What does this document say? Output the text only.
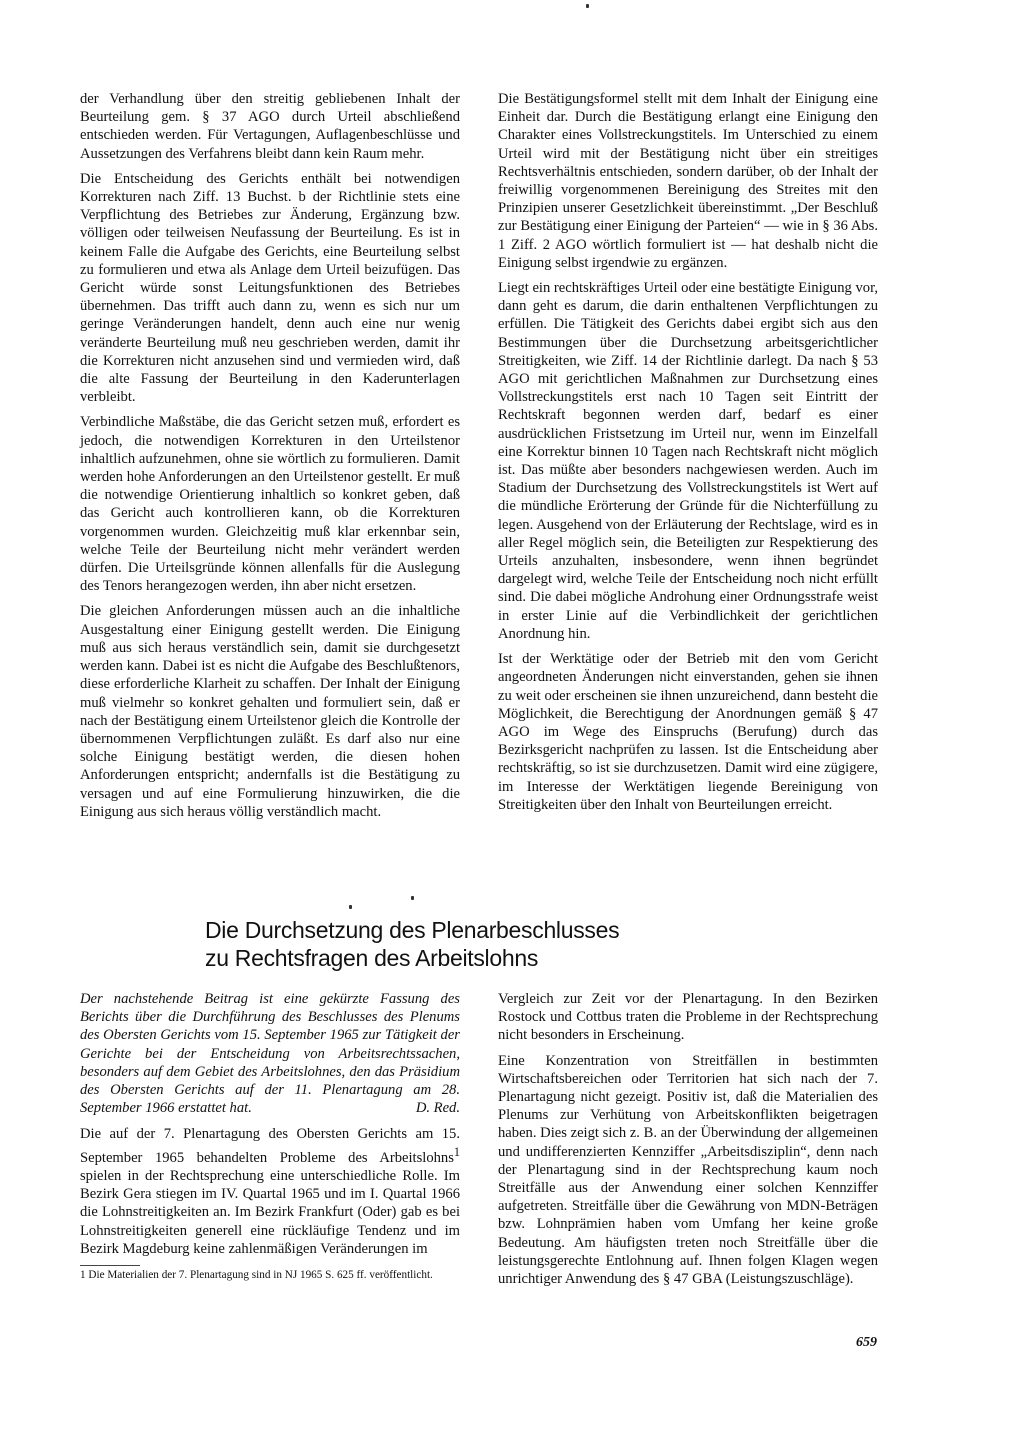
der Verhandlung über den streitig gebliebenen Inhalt der Beurteilung gem. § 37 AGO durch Urteil abschließend entschieden werden. Für Vertagungen, Auflagenbeschlüsse und Aussetzungen des Verfahrens bleibt dann kein Raum mehr.

Die Entscheidung des Gerichts enthält bei notwendigen Korrekturen nach Ziff. 13 Buchst. b der Richtlinie stets eine Verpflichtung des Betriebes zur Änderung, Ergänzung bzw. völligen oder teilweisen Neufassung der Beurteilung. Es ist in keinem Falle die Aufgabe des Gerichts, eine Beurteilung selbst zu formulieren und etwa als Anlage dem Urteil beizufügen. Das Gericht würde sonst Leitungsfunktionen des Betriebes übernehmen. Das trifft auch dann zu, wenn es sich nur um geringe Veränderungen handelt, denn auch eine nur wenig veränderte Beurteilung muß neu geschrieben werden, damit ihr die Korrekturen nicht anzusehen sind und vermieden wird, daß die alte Fassung der Beurteilung in den Kaderunterlagen verbleibt.

Verbindliche Maßstäbe, die das Gericht setzen muß, erfordert es jedoch, die notwendigen Korrekturen in den Urteilstenor inhaltlich aufzunehmen, ohne sie wörtlich zu formulieren. Damit werden hohe Anforderungen an den Urteilstenor gestellt. Er muß die notwendige Orientierung inhaltlich so konkret geben, daß das Gericht auch kontrollieren kann, ob die Korrekturen vorgenommen wurden. Gleichzeitig muß klar erkennbar sein, welche Teile der Beurteilung nicht mehr verändert werden dürfen. Die Urteilsgründe können allenfalls für die Auslegung des Tenors herangezogen werden, ihn aber nicht ersetzen.

Die gleichen Anforderungen müssen auch an die inhaltliche Ausgestaltung einer Einigung gestellt werden. Die Einigung muß aus sich heraus verständlich sein, damit sie durchgesetzt werden kann. Dabei ist es nicht die Aufgabe des Beschlußtenors, diese erforderliche Klarheit zu schaffen. Der Inhalt der Einigung muß vielmehr so konkret gehalten und formuliert sein, daß er nach der Bestätigung einem Urteilstenor gleich die Kontrolle der übernommenen Verpflichtungen zuläßt. Es darf also nur eine solche Einigung bestätigt werden, die diesen hohen Anforderungen entspricht; andernfalls ist die Bestätigung zu versagen und auf eine Formulierung hinzuwirken, die die Einigung aus sich heraus völlig verständlich macht.

Die Bestätigungsformel stellt mit dem Inhalt der Einigung eine Einheit dar. Durch die Bestätigung erlangt eine Einigung den Charakter eines Vollstreckungstitels. Im Unterschied zu einem Urteil wird mit der Bestätigung nicht über ein streitiges Rechtsverhältnis entschieden, sondern darüber, ob der Inhalt der freiwillig vorgenommenen Bereinigung des Streites mit den Prinzipien unserer Gesetzlichkeit übereinstimmt. „Der Beschluß zur Bestätigung einer Einigung der Parteien“ — wie in § 36 Abs. 1 Ziff. 2 AGO wörtlich formuliert ist — hat deshalb nicht die Einigung selbst irgendwie zu ergänzen.

Liegt ein rechtskräftiges Urteil oder eine bestätigte Einigung vor, dann geht es darum, die darin enthaltenen Verpflichtungen zu erfüllen. Die Tätigkeit des Gerichts dabei ergibt sich aus den Bestimmungen über die Durchsetzung arbeitsgerichtlicher Streitigkeiten, wie Ziff. 14 der Richtlinie darlegt. Da nach § 53 AGO mit gerichtlichen Maßnahmen zur Durchsetzung eines Vollstreckungstitels erst nach 10 Tagen seit Eintritt der Rechtskraft begonnen werden darf, bedarf es einer ausdrücklichen Fristsetzung im Urteil nur, wenn im Einzelfall eine Korrektur binnen 10 Tagen nach Rechtskraft nicht möglich ist. Das müßte aber besonders nachgewiesen werden. Auch im Stadium der Durchsetzung des Vollstreckungstitels ist Wert auf die mündliche Erörterung der Gründe für die Nichterfüllung zu legen. Ausgehend von der Erläuterung der Rechtslage, wird es in aller Regel möglich sein, die Beteiligten zur Respektierung des Urteils anzuhalten, insbesondere, wenn ihnen begründet dargelegt wird, welche Teile der Entscheidung noch nicht erfüllt sind. Die dabei mögliche Androhung einer Ordnungsstrafe weist in erster Linie auf die Verbindlichkeit der gerichtlichen Anordnung hin.

Ist der Werktätige oder der Betrieb mit den vom Gericht angeordneten Änderungen nicht einverstanden, gehen sie ihnen zu weit oder erscheinen sie ihnen unzureichend, dann besteht die Möglichkeit, die Berechtigung der Anordnungen gemäß § 47 AGO im Wege des Einspruchs (Berufung) durch das Bezirksgericht nachprüfen zu lassen. Ist die Entscheidung aber rechtskräftig, so ist sie durchzusetzen. Damit wird eine zügigere, im Interesse der Werktätigen liegende Bereinigung von Streitigkeiten über den Inhalt von Beurteilungen erreicht.

Die Durchsetzung des Plenarbeschlusses
zu Rechtsfragen des Arbeitslohns

Der nachstehende Beitrag ist eine gekürzte Fassung des Berichts über die Durchführung des Beschlusses des Plenums des Obersten Gerichts vom 15. September 1965 zur Tätigkeit der Gerichte bei der Entscheidung von Arbeitsrechtssachen, besonders auf dem Gebiet des Arbeitslohnes, den das Präsidium des Obersten Gerichts auf der 11. Plenartagung am 28. September 1966 erstattet hat.	D. Red.

Die auf der 7. Plenartagung des Obersten Gerichts am 15. September 1965 behandelten Probleme des Arbeitslohns$^1$ spielen in der Rechtsprechung eine unterschiedliche Rolle. Im Bezirk Gera stiegen im IV. Quartal 1965 und im I. Quartal 1966 die Lohnstreitigkeiten an. Im Bezirk Frankfurt (Oder) gab es bei Lohnstreitigkeiten generell eine rückläufige Tendenz und im Bezirk Magdeburg keine zahlenmäßigen Veränderungen im

1 Die Materialien der 7. Plenartagung sind in NJ 1965 S. 625 ff. veröffentlicht.

Vergleich zur Zeit vor der Plenartagung. In den Bezirken Rostock und Cottbus traten die Probleme in der Rechtsprechung nicht besonders in Erscheinung.

Eine Konzentration von Streitfällen in bestimmten Wirtschaftsbereichen oder Territorien hat sich nach der 7. Plenartagung nicht gezeigt. Positiv ist, daß die Materialien des Plenums zur Verhütung von Arbeitskonflikten beigetragen haben. Dies zeigt sich z. B. an der Überwindung der allgemeinen und undifferenzierten Kennziffer „Arbeitsdisziplin“, denn nach der Plenartagung sind in der Rechtsprechung kaum noch Streitfälle aus der Anwendung einer solchen Kennziffer aufgetreten. Streitfälle über die Gewährung von MDN-Beträgen bzw. Lohnprämien haben vom Umfang her keine große Bedeutung. Am häufigsten treten noch Streitfälle über die leistungsgerechte Entlohnung auf. Ihnen folgen Klagen wegen unrichtiger Anwendung des § 47 GBA (Leistungszuschläge).

659
